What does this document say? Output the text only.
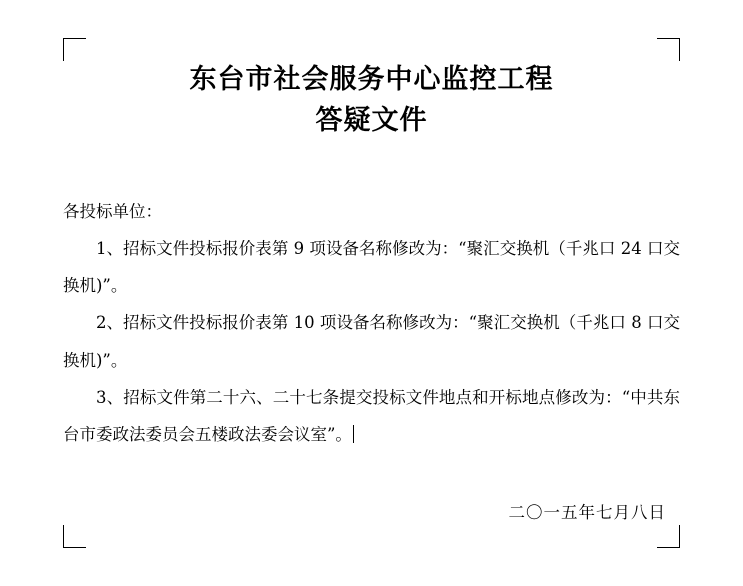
东台市社会服务中心监控工程
答疑文件

各投标单位：

1、招标文件投标报价表第 9 项设备名称修改为：“聚汇交换机（千兆口 24 口交换机)”。

2、招标文件投标报价表第 10 项设备名称修改为：“聚汇交换机（千兆口 8 口交换机)”。

3、招标文件第二十六、二十七条提交投标文件地点和开标地点修改为：“中共东台市委政法委员会五楼政法委会议室”。

二〇一五年七月八日
